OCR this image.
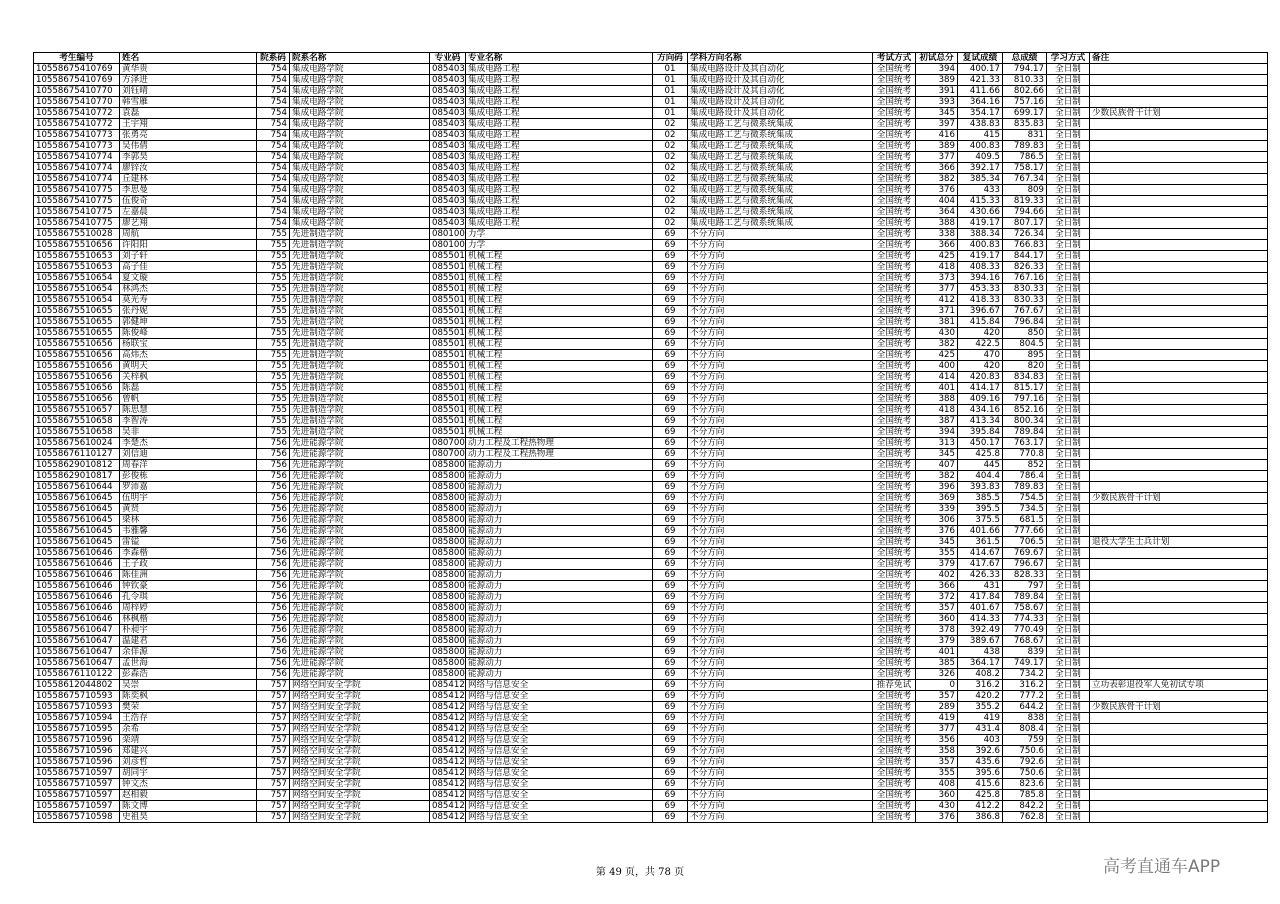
考生编号	姓名	院系码	院系名称	专业码	专业名称	方向码	学科方向名称	考试方式	初试总分	复试成绩	总成绩	学习方式	备注
10558675410769	黄华贵	754	集成电路学院	085403	集成电路工程	01	集成电路设计及其自动化	全国统考	394	400.17	794.17	全日制	
10558675410769	方泽进	754	集成电路学院	085403	集成电路工程	01	集成电路设计及其自动化	全国统考	389	421.33	810.33	全日制	
10558675410770	刘钰晴	754	集成电路学院	085403	集成电路工程	01	集成电路设计及其自动化	全国统考	391	411.66	802.66	全日制	
10558675410770	韩雪雁	754	集成电路学院	085403	集成电路工程	01	集成电路设计及其自动化	全国统考	393	364.16	757.16	全日制	
10558675410772	袁磊	754	集成电路学院	085403	集成电路工程	01	集成电路设计及其自动化	全国统考	345	354.17	699.17	全日制	少数民族骨干计划
10558675410772	王宇翔	754	集成电路学院	085403	集成电路工程	02	集成电路工艺与微系统集成	全国统考	397	438.83	835.83	全日制	
10558675410773	张勇亮	754	集成电路学院	085403	集成电路工程	02	集成电路工艺与微系统集成	全国统考	416	415	831	全日制	
10558675410773	吴伟倩	754	集成电路学院	085403	集成电路工程	02	集成电路工艺与微系统集成	全国统考	389	400.83	789.83	全日制	
10558675410774	李郭昊	754	集成电路学院	085403	集成电路工程	02	集成电路工艺与微系统集成	全国统考	377	409.5	786.5	全日制	
10558675410774	廖锌汝	754	集成电路学院	085403	集成电路工程	02	集成电路工艺与微系统集成	全国统考	366	392.17	758.17	全日制	
10558675410774	丘建林	754	集成电路学院	085403	集成电路工程	02	集成电路工艺与微系统集成	全国统考	382	385.34	767.34	全日制	
10558675410775	李思曼	754	集成电路学院	085403	集成电路工程	02	集成电路工艺与微系统集成	全国统考	376	433	809	全日制	
10558675410775	伍俊奇	754	集成电路学院	085403	集成电路工程	02	集成电路工艺与微系统集成	全国统考	404	415.33	819.33	全日制	
10558675410775	左嘉晨	754	集成电路学院	085403	集成电路工程	02	集成电路工艺与微系统集成	全国统考	364	430.66	794.66	全日制	
10558675410775	廖艺翔	754	集成电路学院	085403	集成电路工程	02	集成电路工艺与微系统集成	全国统考	388	419.17	807.17	全日制	
10558675510028	周航	755	先进制造学院	080100	力学	69	不分方向	全国统考	338	388.34	726.34	全日制	
10558675510656	许阳阳	755	先进制造学院	080100	力学	69	不分方向	全国统考	366	400.83	766.83	全日制	
10558675510653	刘子轩	755	先进制造学院	085501	机械工程	69	不分方向	全国统考	425	419.17	844.17	全日制	
10558675510653	高子佳	755	先进制造学院	085501	机械工程	69	不分方向	全国统考	418	408.33	826.33	全日制	
10558675510654	夏文璇	755	先进制造学院	085501	机械工程	69	不分方向	全国统考	373	394.16	767.16	全日制	
10558675510654	林鸿杰	755	先进制造学院	085501	机械工程	69	不分方向	全国统考	377	453.33	830.33	全日制	
10558675510654	莫光寿	755	先进制造学院	085501	机械工程	69	不分方向	全国统考	412	418.33	830.33	全日制	
10558675510655	张丹妮	755	先进制造学院	085501	机械工程	69	不分方向	全国统考	371	396.67	767.67	全日制	
10558675510655	郭健坤	755	先进制造学院	085501	机械工程	69	不分方向	全国统考	381	415.84	796.84	全日制	
10558675510655	陈俊峰	755	先进制造学院	085501	机械工程	69	不分方向	全国统考	430	420	850	全日制	
10558675510656	杨联宝	755	先进制造学院	085501	机械工程	69	不分方向	全国统考	382	422.5	804.5	全日制	
10558675510656	高炜杰	755	先进制造学院	085501	机械工程	69	不分方向	全国统考	425	470	895	全日制	
10558675510656	黄明天	755	先进制造学院	085501	机械工程	69	不分方向	全国统考	400	420	820	全日制	
10558675510656	关梓枫	755	先进制造学院	085501	机械工程	69	不分方向	全国统考	414	420.83	834.83	全日制	
10558675510656	陈磊	755	先进制造学院	085501	机械工程	69	不分方向	全国统考	401	414.17	815.17	全日制	
10558675510656	曾帆	755	先进制造学院	085501	机械工程	69	不分方向	全国统考	388	409.16	797.16	全日制	
10558675510657	陈思慧	755	先进制造学院	085501	机械工程	69	不分方向	全国统考	418	434.16	852.16	全日制	
10558675510658	李智涛	755	先进制造学院	085501	机械工程	69	不分方向	全国统考	387	413.34	800.34	全日制	
10558675510658	吴非	755	先进制造学院	085501	机械工程	69	不分方向	全国统考	394	395.84	789.84	全日制	
10558675610024	李楚杰	756	先进能源学院	080700	动力工程及工程热物理	69	不分方向	全国统考	313	450.17	763.17	全日制	
10558676110127	刘信迪	756	先进能源学院	080700	动力工程及工程热物理	69	不分方向	全国统考	345	425.8	770.8	全日制	
10558629010812	周春洋	756	先进能源学院	085800	能源动力	69	不分方向	全国统考	407	445	852	全日制	
10558629010817	彭俊栋	756	先进能源学院	085800	能源动力	69	不分方向	全国统考	382	404.4	786.4	全日制	
10558675610644	罗沛嘉	756	先进能源学院	085800	能源动力	69	不分方向	全国统考	396	393.83	789.83	全日制	
10558675610645	伍明宇	756	先进能源学院	085800	能源动力	69	不分方向	全国统考	369	385.5	754.5	全日制	少数民族骨干计划
10558675610645	黄贤	756	先进能源学院	085800	能源动力	69	不分方向	全国统考	339	395.5	734.5	全日制	
10558675610645	梁林	756	先进能源学院	085800	能源动力	69	不分方向	全国统考	306	375.5	681.5	全日制	
10558675610645	韦雅馨	756	先进能源学院	085800	能源动力	69	不分方向	全国统考	376	401.66	777.66	全日制	
10558675610645	雷镒	756	先进能源学院	085800	能源动力	69	不分方向	全国统考	345	361.5	706.5	全日制	退役大学生士兵计划
10558675610646	李森楷	756	先进能源学院	085800	能源动力	69	不分方向	全国统考	355	414.67	769.67	全日制	
10558675610646	王子政	756	先进能源学院	085800	能源动力	69	不分方向	全国统考	379	417.67	796.67	全日制	
10558675610646	陈佳洲	756	先进能源学院	085800	能源动力	69	不分方向	全国统考	402	426.33	828.33	全日制	
10558675610646	钟钦豪	756	先进能源学院	085800	能源动力	69	不分方向	全国统考	366	431	797	全日制	
10558675610646	孔令琪	756	先进能源学院	085800	能源动力	69	不分方向	全国统考	372	417.84	789.84	全日制	
10558675610646	周梓婷	756	先进能源学院	085800	能源动力	69	不分方向	全国统考	357	401.67	758.67	全日制	
10558675610646	林枫楷	756	先进能源学院	085800	能源动力	69	不分方向	全国统考	360	414.33	774.33	全日制	
10558675610647	朴昶宇	756	先进能源学院	085800	能源动力	69	不分方向	全国统考	378	392.49	770.49	全日制	
10558675610647	温建君	756	先进能源学院	085800	能源动力	69	不分方向	全国统考	379	389.67	768.67	全日制	
10558675610647	余佯源	756	先进能源学院	085800	能源动力	69	不分方向	全国统考	401	438	839	全日制	
10558675610647	孟世海	756	先进能源学院	085800	能源动力	69	不分方向	全国统考	385	364.17	749.17	全日制	
10558676110122	彭森浩	756	先进能源学院	085800	能源动力	69	不分方向	全国统考	326	408.2	734.2	全日制	
10558612044802	吴崇	757	网络空间安全学院	085412	网络与信息安全	69	不分方向	推荐免试	0	316.2	316.2	全日制	立功表彰退役军人免初试专项
10558675710593	陈奕枫	757	网络空间安全学院	085412	网络与信息安全	69	不分方向	全国统考	357	420.2	777.2	全日制	
10558675710593	樊荣	757	网络空间安全学院	085412	网络与信息安全	69	不分方向	全国统考	289	355.2	644.2	全日制	少数民族骨干计划
10558675710594	王浩存	757	网络空间安全学院	085412	网络与信息安全	69	不分方向	全国统考	419	419	838	全日制	
10558675710595	余希	757	网络空间安全学院	085412	网络与信息安全	69	不分方向	全国统考	377	431.4	808.4	全日制	
10558675710596	栾靖	757	网络空间安全学院	085412	网络与信息安全	69	不分方向	全国统考	356	403	759	全日制	
10558675710596	郑建兴	757	网络空间安全学院	085412	网络与信息安全	69	不分方向	全国统考	358	392.6	750.6	全日制	
10558675710596	刘彦哲	757	网络空间安全学院	085412	网络与信息安全	69	不分方向	全国统考	357	435.6	792.6	全日制	
10558675710597	胡同宇	757	网络空间安全学院	085412	网络与信息安全	69	不分方向	全国统考	355	395.6	750.6	全日制	
10558675710597	钟文杰	757	网络空间安全学院	085412	网络与信息安全	69	不分方向	全国统考	408	415.6	823.6	全日制	
10558675710597	赵相毅	757	网络空间安全学院	085412	网络与信息安全	69	不分方向	全国统考	360	425.8	785.8	全日制	
10558675710597	陈文博	757	网络空间安全学院	085412	网络与信息安全	69	不分方向	全国统考	430	412.2	842.2	全日制	
10558675710598	史祖昊	757	网络空间安全学院	085412	网络与信息安全	69	不分方向	全国统考	376	386.8	762.8	全日制	
第 49 页，共 78 页	高考直通车APP
